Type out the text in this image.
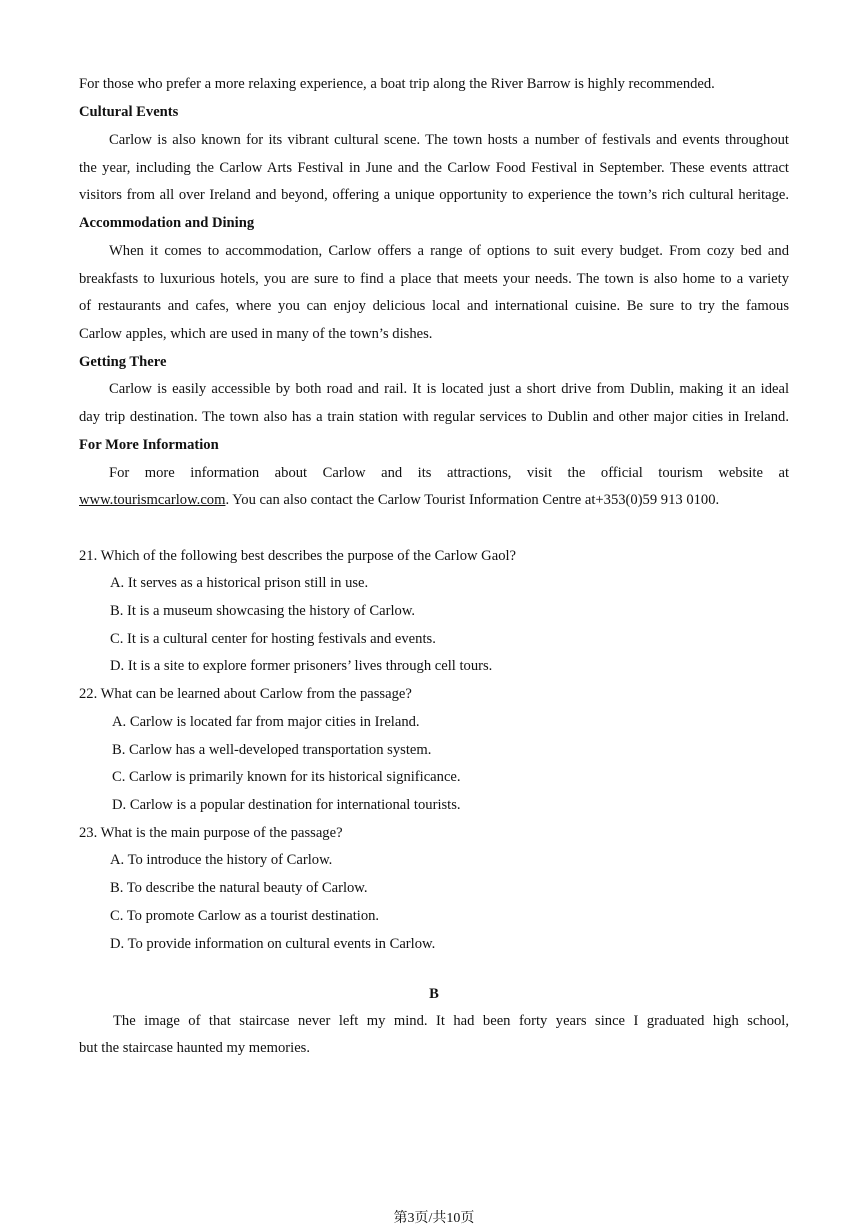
For those who prefer a more relaxing experience, a boat trip along the River Barrow is highly recommended.
Cultural Events
Carlow is also known for its vibrant cultural scene. The town hosts a number of festivals and events throughout
the year, including the Carlow Arts Festival in June and the Carlow Food Festival in September. These events attract
visitors from all over Ireland and beyond, offering a unique opportunity to experience the town’s rich cultural heritage.
Accommodation and Dining
When it comes to accommodation, Carlow offers a range of options to suit every budget. From cozy bed and
breakfasts to luxurious hotels, you are sure to find a place that meets your needs. The town is also home to a variety
of restaurants and cafes, where you can enjoy delicious local and international cuisine. Be sure to try the famous
Carlow apples, which are used in many of the town’s dishes.
Getting There
Carlow is easily accessible by both road and rail. It is located just a short drive from Dublin, making it an ideal
day trip destination. The town also has a train station with regular services to Dublin and other major cities in Ireland.
For More Information
For more information about Carlow and its attractions, visit the official tourism website at
www.tourismcarlow.com. You can also contact the Carlow Tourist Information Centre at+353(0)59 913 0100.
21. Which of the following best describes the purpose of the Carlow Gaol?
A. It serves as a historical prison still in use.
B. It is a museum showcasing the history of Carlow.
C. It is a cultural center for hosting festivals and events.
D. It is a site to explore former prisoners’ lives through cell tours.
22. What can be learned about Carlow from the passage?
A. Carlow is located far from major cities in Ireland.
B. Carlow has a well-developed transportation system.
C. Carlow is primarily known for its historical significance.
D. Carlow is a popular destination for international tourists.
23. What is the main purpose of the passage?
A. To introduce the history of Carlow.
B. To describe the natural beauty of Carlow.
C. To promote Carlow as a tourist destination.
D. To provide information on cultural events in Carlow.
B
The image of that staircase never left my mind. It had been forty years since I graduated high school,
but the staircase haunted my memories.
第3页/共10页
